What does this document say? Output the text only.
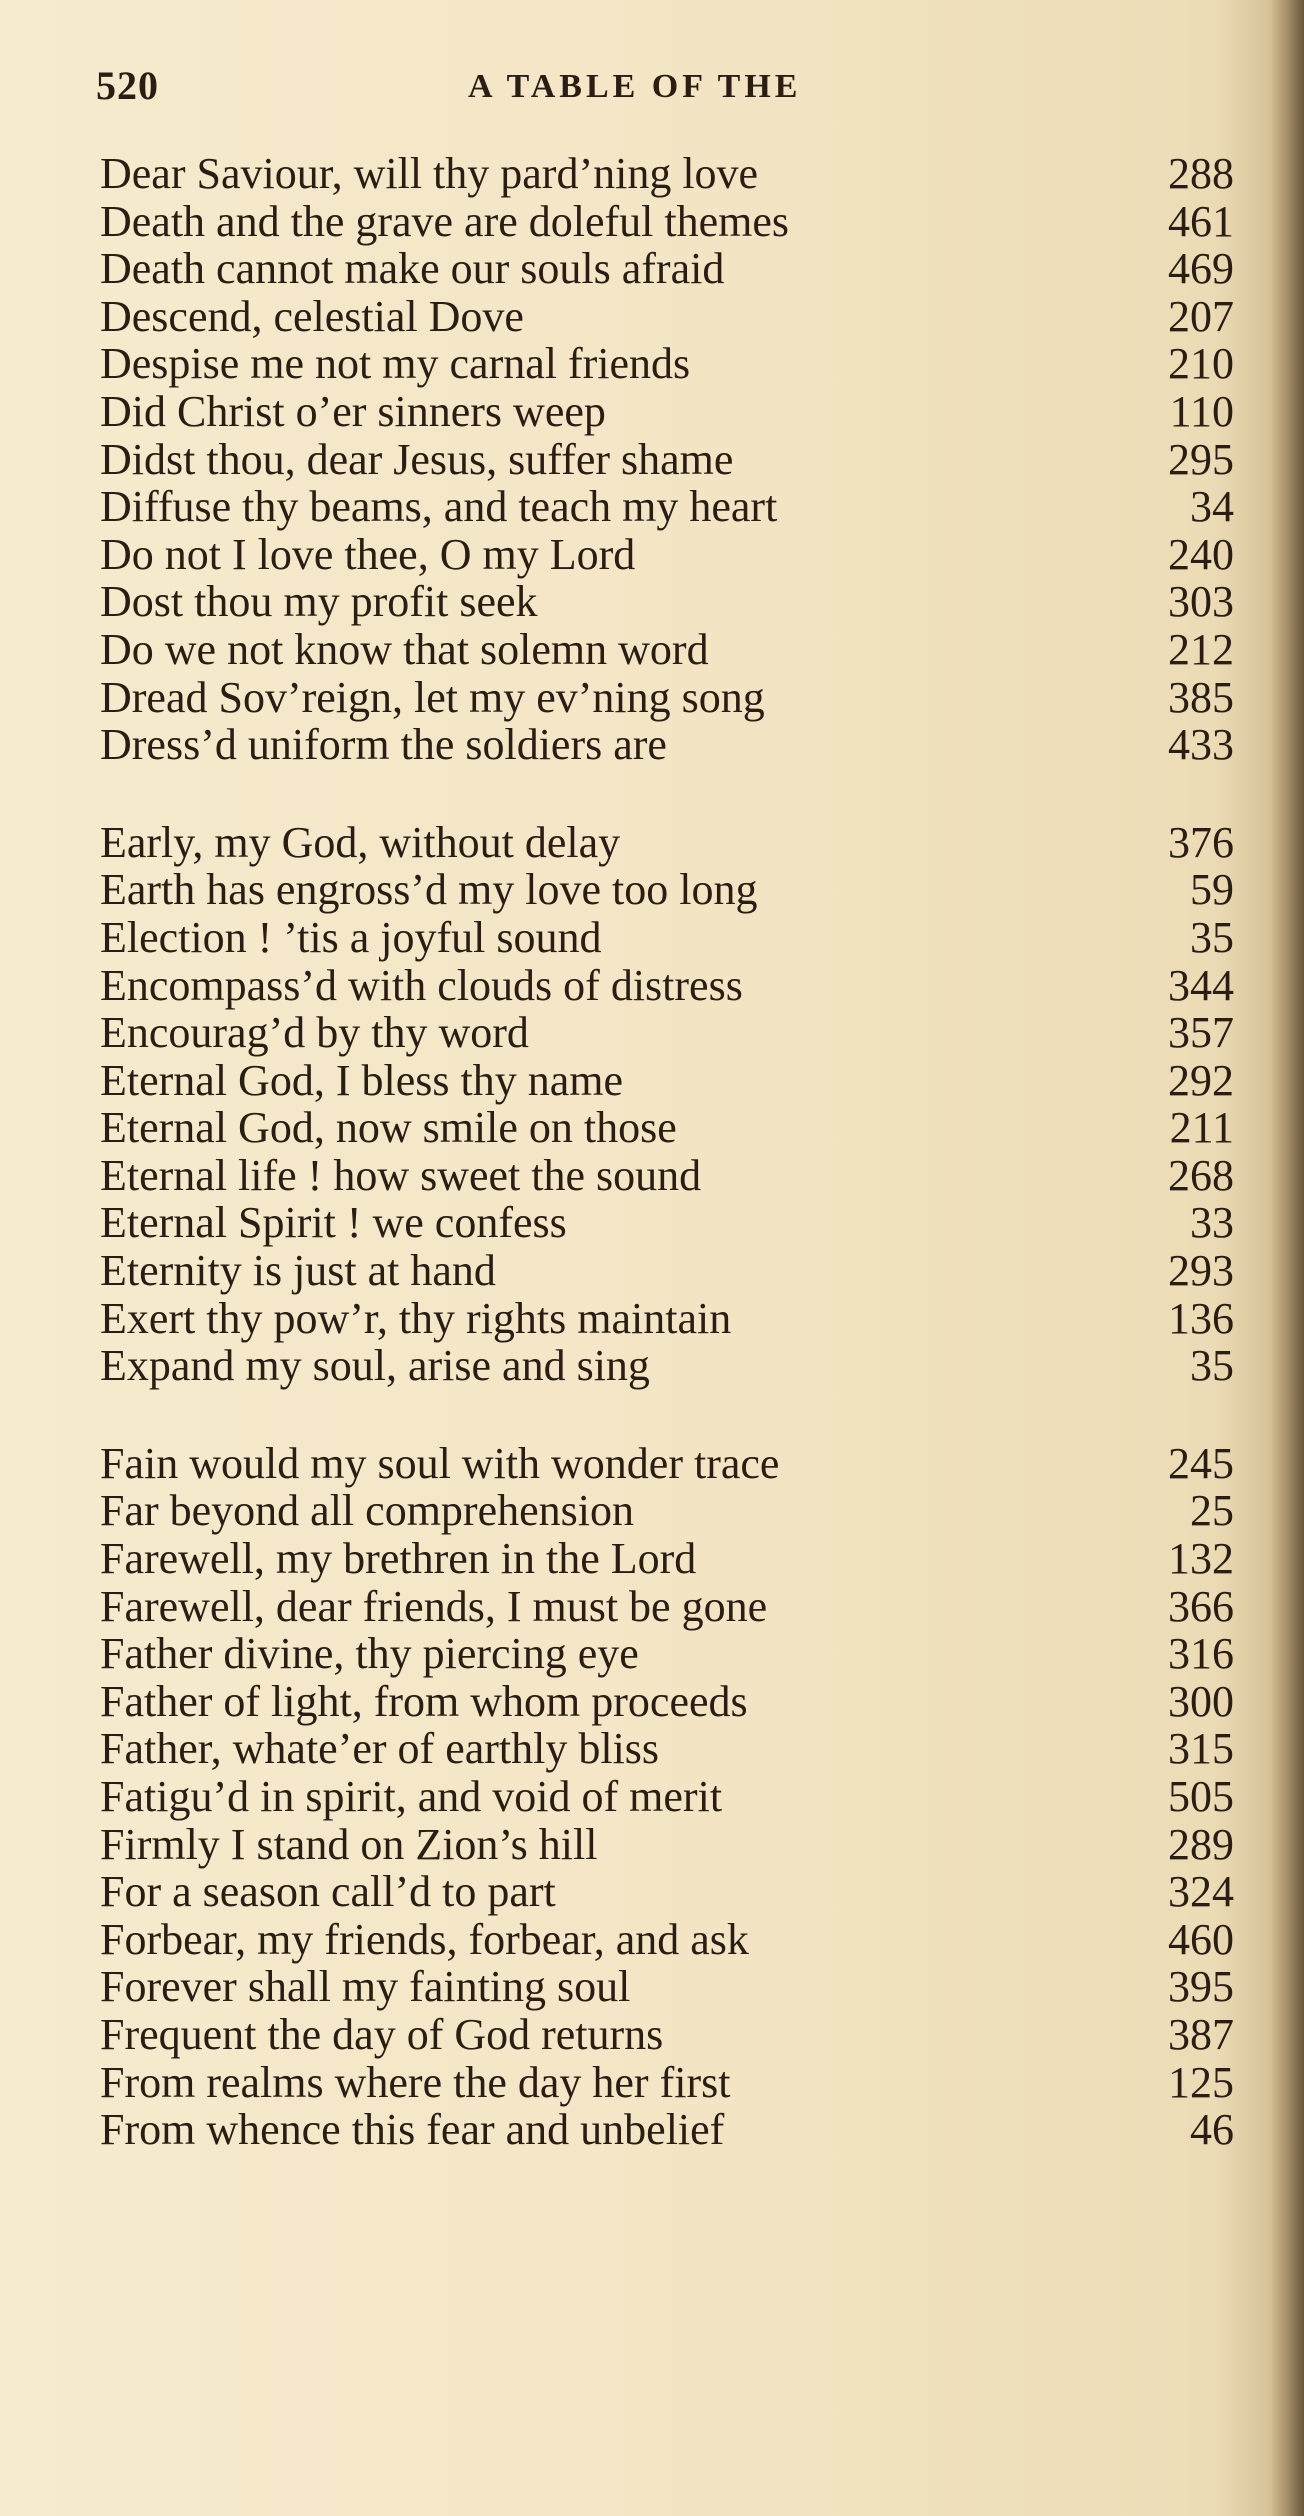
520	A TABLE OF THE
Dear Saviour, will thy pard’ning love	288
Death and the grave are doleful themes	461
Death cannot make our souls afraid	469
Descend, celestial Dove	207
Despise me not my carnal friends	210
Did Christ o’er sinners weep	110
Didst thou, dear Jesus, suffer shame	295
Diffuse thy beams, and teach my heart	34
Do not I love thee, O my Lord	240
Dost thou my profit seek	303
Do we not know that solemn word	212
Dread Sov’reign, let my ev’ning song	385
Dress’d uniform the soldiers are	433
Early, my God, without delay	376
Earth has engross’d my love too long	59
Election ! ’tis a joyful sound	35
Encompass’d with clouds of distress	344
Encourag’d by thy word	357
Eternal God, I bless thy name	292
Eternal God, now smile on those	211
Eternal life ! how sweet the sound	268
Eternal Spirit ! we confess	33
Eternity is just at hand	293
Exert thy pow’r, thy rights maintain	136
Expand my soul, arise and sing	35
Fain would my soul with wonder trace	245
Far beyond all comprehension	25
Farewell, my brethren in the Lord	132
Farewell, dear friends, I must be gone	366
Father divine, thy piercing eye	316
Father of light, from whom proceeds	300
Father, whate’er of earthly bliss	315
Fatigu’d in spirit, and void of merit	505
Firmly I stand on Zion’s hill	289
For a season call’d to part	324
Forbear, my friends, forbear, and ask	460
Forever shall my fainting soul	395
Frequent the day of God returns	387
From realms where the day her first	125
From whence this fear and unbelief	46
